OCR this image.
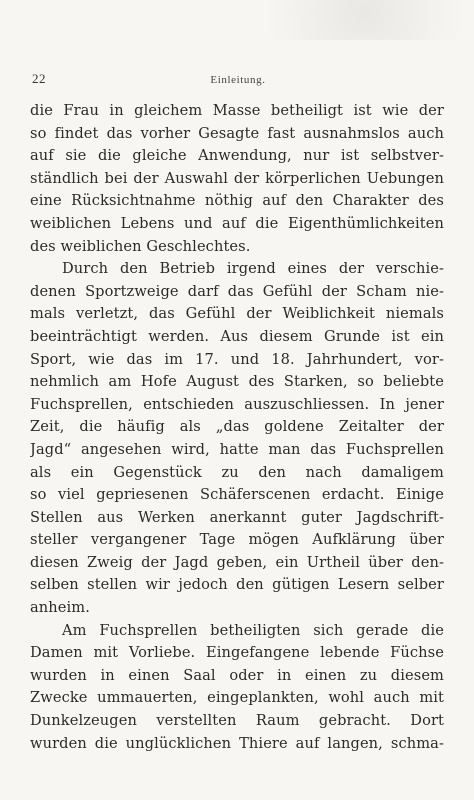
22	Einleitung.

die Frau in gleichem Masse betheiligt ist wie der
so findet das vorher Gesagte fast ausnahmslos auch
auf sie die gleiche Anwendung, nur ist selbstver-
ständlich bei der Auswahl der körperlichen Uebungen
eine Rücksichtnahme nöthig auf den Charakter des
weiblichen Lebens und auf die Eigenthümlichkeiten
des weiblichen Geschlechtes.

Durch den Betrieb irgend eines der verschie-
denen Sportzweige darf das Gefühl der Scham nie-
mals verletzt, das Gefühl der Weiblichkeit niemals
beeinträchtigt werden. Aus diesem Grunde ist ein
Sport, wie das im 17. und 18. Jahrhundert, vor-
nehmlich am Hofe August des Starken, so beliebte
Fuchsprellen, entschieden auszuschliessen. In jener
Zeit, die häufig als „das goldene Zeitalter der
Jagd“ angesehen wird, hatte man das Fuchsprellen
als ein Gegenstück zu den nach damaligem
so viel gepriesenen Schäferscenen erdacht. Einige
Stellen aus Werken anerkannt guter Jagdschrift-
steller vergangener Tage mögen Aufklärung über
diesen Zweig der Jagd geben, ein Urtheil über den-
selben stellen wir jedoch den gütigen Lesern selber
anheim.

Am Fuchsprellen betheiligten sich gerade die
Damen mit Vorliebe. Eingefangene lebende Füchse
wurden in einen Saal oder in einen zu diesem
Zwecke ummauerten, eingeplankten, wohl auch mit
Dunkelzeugen verstellten Raum gebracht. Dort
wurden die unglücklichen Thiere auf langen, schma-
